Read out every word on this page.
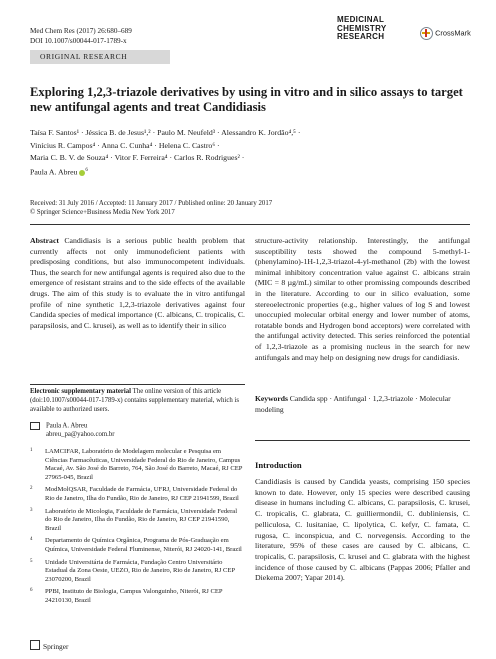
Med Chem Res (2017) 26:680–689
DOI 10.1007/s00044-017-1789-x
MEDICINAL
CHEMISTRY
RESEARCH	CrossMark
ORIGINAL RESEARCH
Exploring 1,2,3-triazole derivatives by using in vitro and in silico assays to target new antifungal agents and treat Candidiasis
Taísa F. Santos¹ · Jéssica B. de Jesus¹,² · Paulo M. Neufeld³ · Alessandro K. Jordão⁴,⁵ ·
Vinícius R. Campos⁴ · Anna C. Cunha⁴ · Helena C. Castro⁶ ·
Maria C. B. V. de Souza⁴ · Vitor F. Ferreira⁴ · Carlos R. Rodrigues² ·
Paula A. Abreu $^6$
Received: 31 July 2016 / Accepted: 11 January 2017 / Published online: 20 January 2017
© Springer Science+Business Media New York 2017
Abstract Candidiasis is a serious public health problem that currently affects not only immunodeficient patients with predisposing conditions, but also immunocompetent individuals. Thus, the search for new antifungal agents is required also due to the emergence of resistant strains and to the side effects of the available drugs. The aim of this study is to evaluate the in vitro antifungal profile of nine synthetic 1,2,3-triazole derivatives against four Candida species of medical importance (C. albicans, C. tropicalis, C. parapsilosis, and C. krusei), as well as to identify their in silico
structure-activity relationship. Interestingly, the antifungal susceptibility tests showed the compound 5-methyl-1-(phenylamino)-1H-1,2,3-triazol-4-yl-methanol (2b) with the lowest minimal inhibitory concentration value against C. albicans strain (MIC = 8 µg/mL) similar to other promissing compounds described in the literature. According to our in silico evaluation, some stereoelectronic properties (e.g., higher values of log S and lowest unoccupied molecular orbital energy and lower number of atoms, rotatable bonds and Hydrogen bond acceptors) were correlated with the antifungal activity detected. This series reinforced the potential of 1,2,3-triazole as a promising nucleus in the search for new antifungals and may help on designing new drugs for candidiasis.
Electronic supplementary material The online version of this article (doi:10.1007/s00044-017-1789-x) contains supplementary material, which is available to authorized users.
Paula A. Abreu
abreu_pa@yahoo.com.br
1 LAMCIFAR, Laboratório de Modelagem molecular e Pesquisa em Ciências Farmacêuticas, Universidade Federal do Rio de Janeiro, Campus Macaé, Av. São José do Barreto, 764, São José do Barreto, Macaé, RJ CEP 27965-045, Brazil
2 ModMolQSAR, Faculdade de Farmácia, UFRJ, Universidade Federal do Rio de Janeiro, Ilha do Fundão, Rio de Janeiro, RJ CEP 21941599, Brazil
3 Laboratório de Micologia, Faculdade de Farmácia, Universidade Federal do Rio de Janeiro, Ilha do Fundão, Rio de Janeiro, RJ CEP 21941590, Brazil
4 Departamento de Química Orgânica, Programa de Pós-Graduação em Química, Universidade Federal Fluminense, Niterói, RJ 24020-141, Brazil
5 Unidade Universitária de Farmácia, Fundação Centro Universitário Estadual da Zona Oeste, UEZO, Rio de Janeiro, Rio de Janeiro, RJ CEP 23070200, Brazil
6 PPBI, Instituto de Biologia, Campus Valonguinho, Niterói, RJ CEP 24210130, Brazil
Keywords Candida spp · Antifungal · 1,2,3-triazole · Molecular modeling
Introduction
Candidiasis is caused by Candida yeasts, comprising 150 species known to date. However, only 15 species were described causing disease in humans including C. albicans, C. parapsilosis, C. krusei, C. tropicalis, C. glabrata, C. guilliermondii, C. dubliniensis, C. pelliculosa, C. lusitaniae, C. lipolytica, C. kefyr, C. famata, C. rugosa, C. inconspicua, and C. norvegensis. According to the literature, 95% of these cases are caused by C. albicans, C. tropicalis, C. parapsilosis, C. krusei and C. glabrata with the highest incidence of those caused by C. albicans (Pappas 2006; Pfaller and Diekema 2007; Yapar 2014).
Springer
